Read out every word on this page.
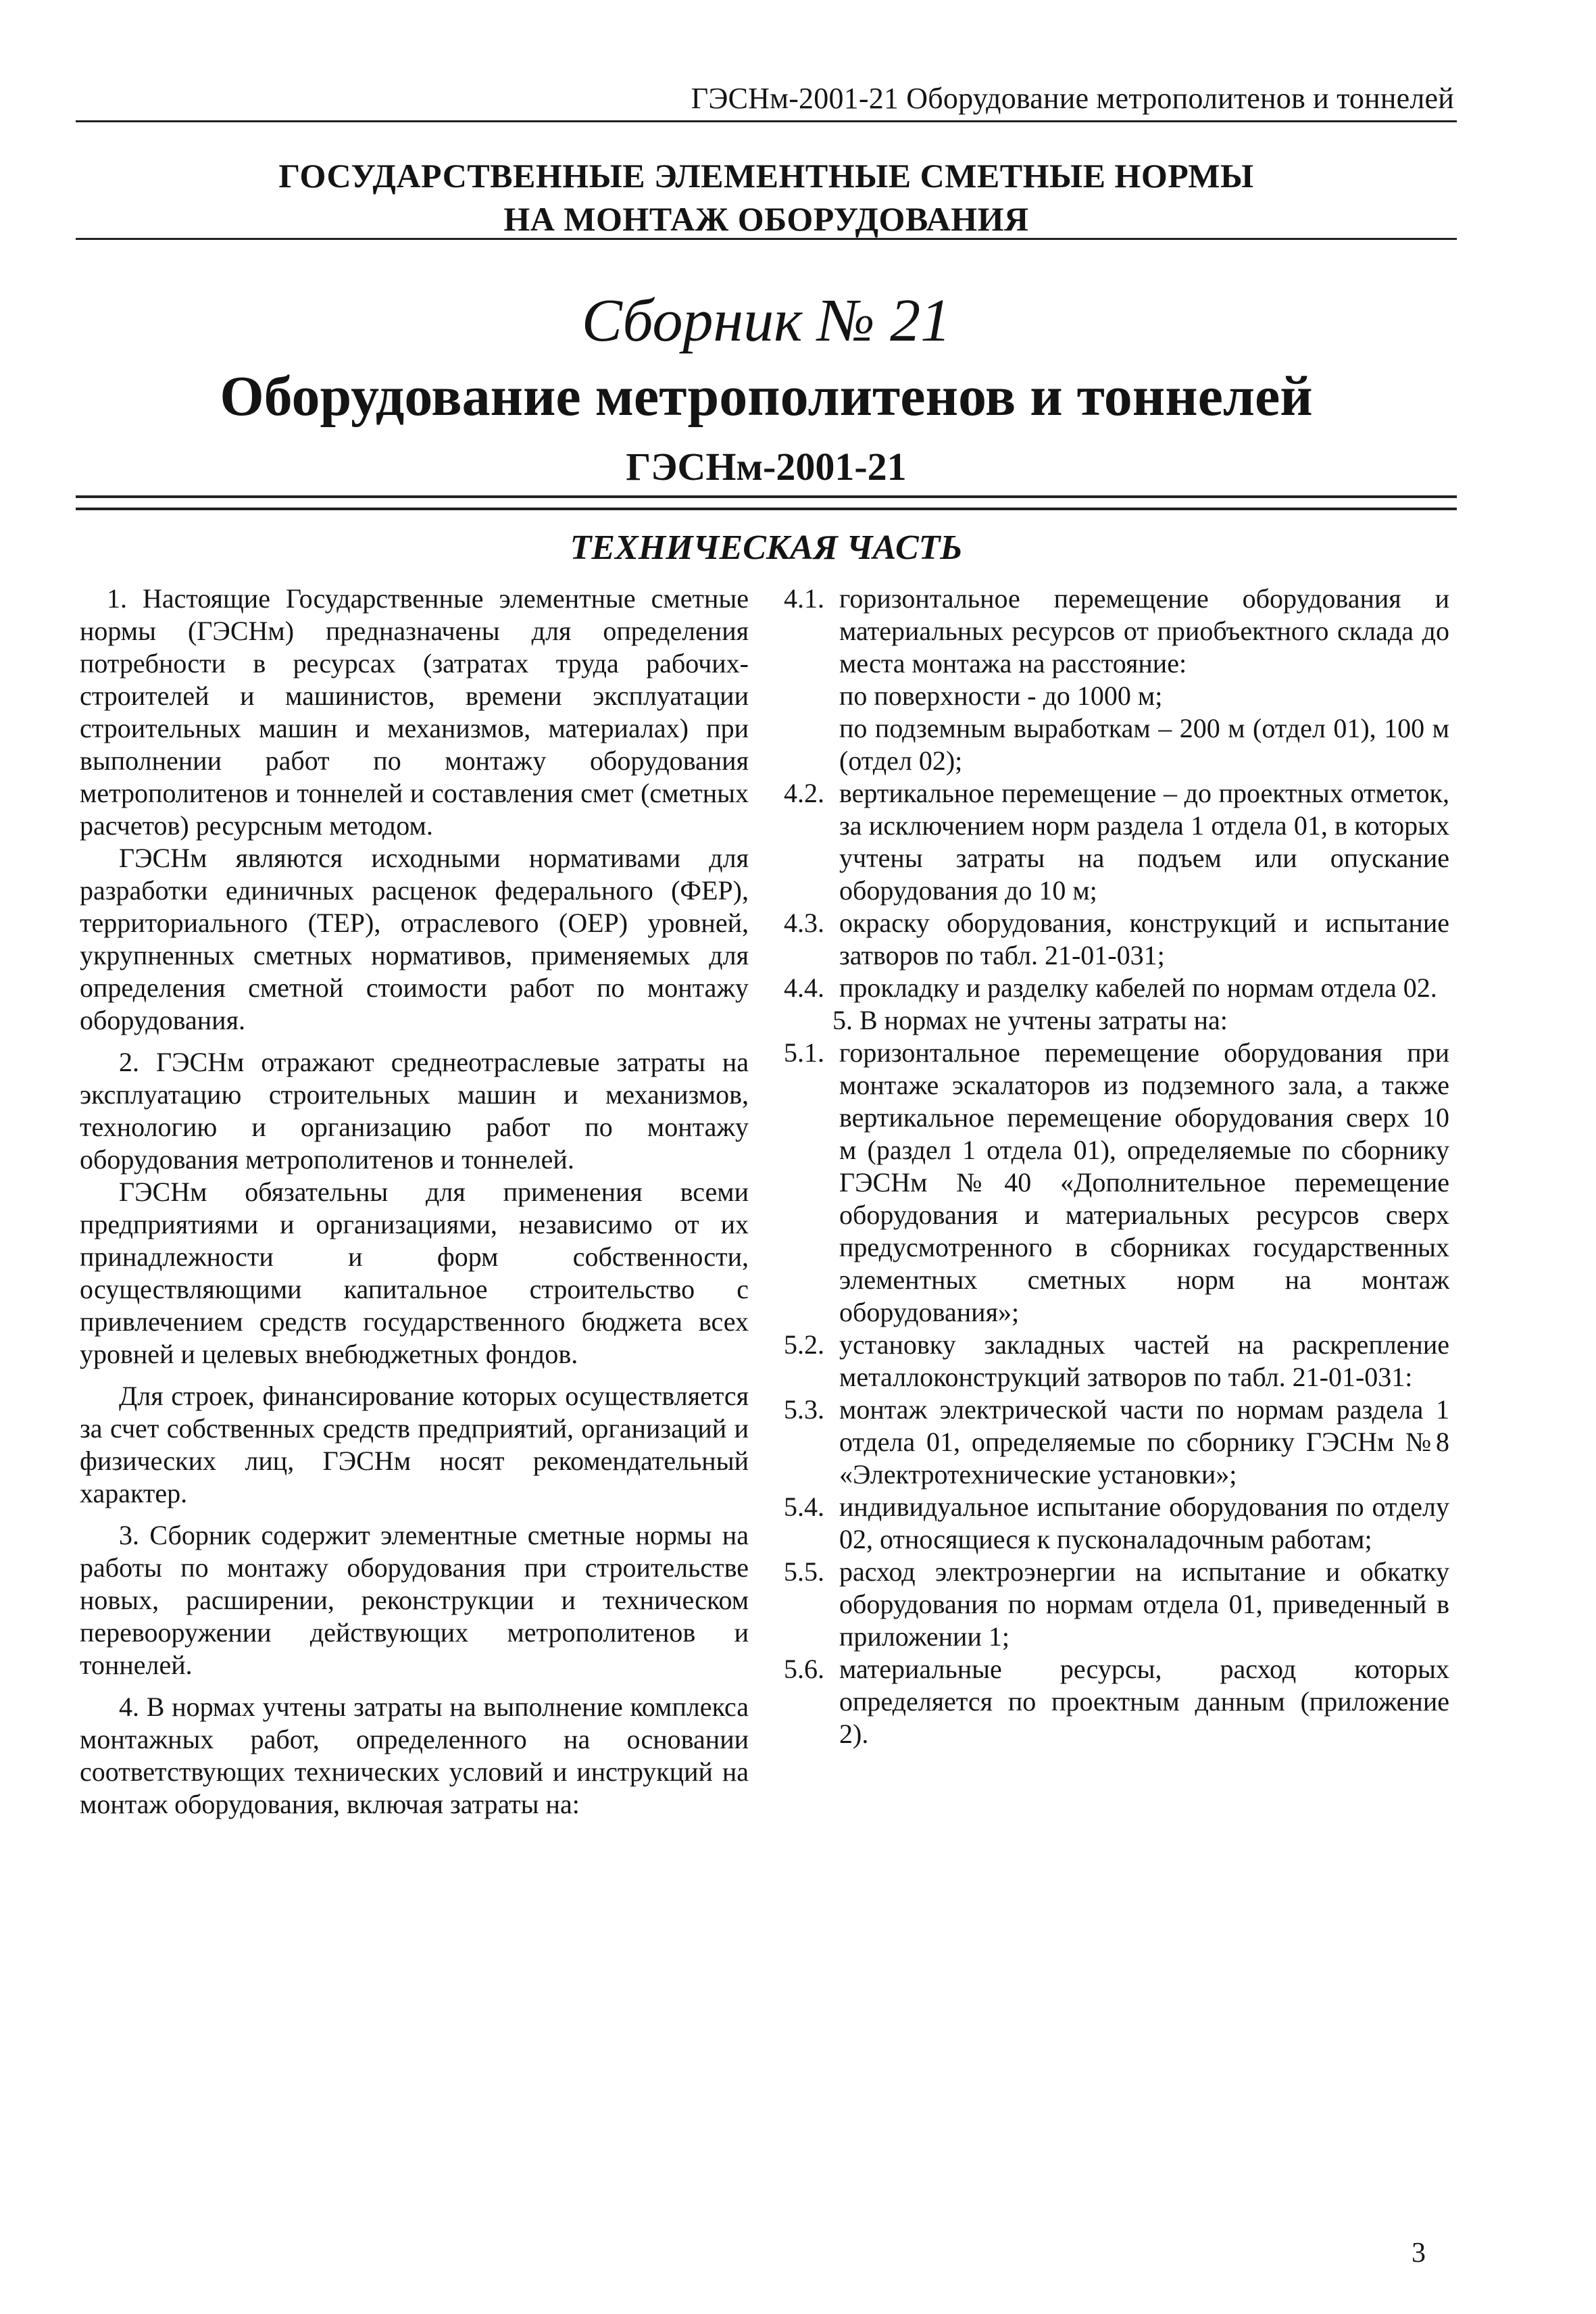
ГЭСНм-2001-21 Оборудование метрополитенов и тоннелей
ГОСУДАРСТВЕННЫЕ ЭЛЕМЕНТНЫЕ СМЕТНЫЕ НОРМЫ
НА МОНТАЖ ОБОРУДОВАНИЯ
Сборник № 21
Оборудование метрополитенов и тоннелей
ГЭСНм-2001-21
ТЕХНИЧЕСКАЯ ЧАСТЬ

1. Настоящие Государственные элементные сметные нормы (ГЭСНм) предназначены для определения потребности в ресурсах (затратах труда рабочих-строителей и машинистов, времени эксплуатации строительных машин и механизмов, материалах) при выполнении работ по монтажу оборудования метрополитенов и тоннелей и составления смет (сметных расчетов) ресурсным методом.

ГЭСНм являются исходными нормативами для разработки единичных расценок федерального (ФЕР), территориального (ТЕР), отраслевого (ОЕР) уровней, укрупненных сметных нормативов, применяемых для определения сметной стоимости работ по монтажу оборудования.

2. ГЭСНм отражают среднеотраслевые затраты на эксплуатацию строительных машин и механизмов, технологию и организацию работ по монтажу оборудования метрополитенов и тоннелей.

ГЭСНм обязательны для применения всеми предприятиями и организациями, независимо от их принадлежности и форм собственности, осуществляющими капитальное строительство с привлечением средств государственного бюджета всех уровней и целевых внебюджетных фондов.

Для строек, финансирование которых осуществляется за счет собственных средств предприятий, организаций и физических лиц, ГЭСНм носят рекомендательный характер.

3. Сборник содержит элементные сметные нормы на работы по монтажу оборудования при строительстве новых, расширении, реконструкции и техническом перевооружении действующих метрополитенов и тоннелей.

4. В нормах учтены затраты на выполнение комплекса монтажных работ, определенного на основании соответствующих технических условий и инструкций на монтаж оборудования, включая затраты на:

4.1. горизонтальное перемещение оборудования и материальных ресурсов от приобъектного склада до места монтажа на расстояние:
по поверхности - до 1000 м;
по подземным выработкам – 200 м (отдел 01), 100 м (отдел 02);
4.2. вертикальное перемещение – до проектных отметок, за исключением норм раздела 1 отдела 01, в которых учтены затраты на подъем или опускание оборудования до 10 м;
4.3. окраску оборудования, конструкций и испытание затворов по табл. 21-01-031;
4.4. прокладку и разделку кабелей по нормам отдела 02.

5. В нормах не учтены затраты на:

5.1. горизонтальное перемещение оборудования при монтаже эскалаторов из подземного зала, а также вертикальное перемещение оборудования сверх 10 м (раздел 1 отдела 01), определяемые по сборнику ГЭСНм №40 «Дополнительное перемещение оборудования и материальных ресурсов сверх предусмотренного в сборниках государственных элементных сметных норм на монтаж оборудования»;
5.2. установку закладных частей на раскрепление металлоконструкций затворов по табл. 21-01-031:
5.3. монтаж электрической части по нормам раздела 1 отдела 01, определяемые по сборнику ГЭСНм №8 «Электротехнические установки»;
5.4. индивидуальное испытание оборудования по отделу 02, относящиеся к пусконаладочным работам;
5.5. расход электроэнергии на испытание и обкатку оборудования по нормам отдела 01, приведенный в приложении 1;
5.6. материальные ресурсы, расход которых определяется по проектным данным (приложение 2).
3
